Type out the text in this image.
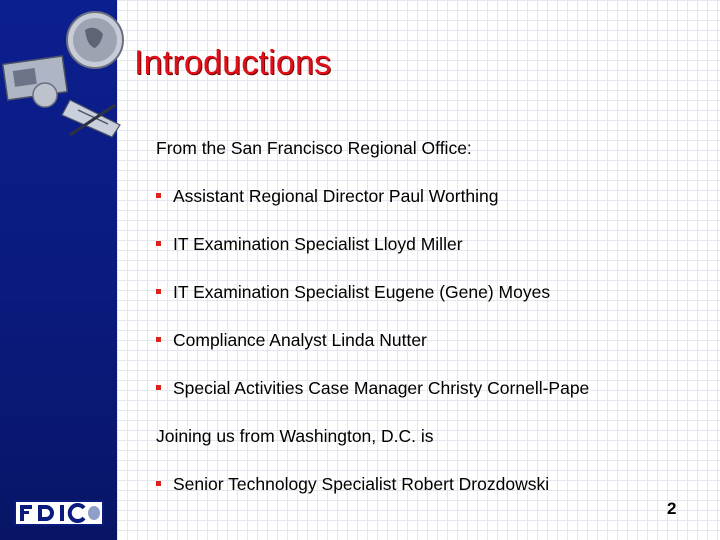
Introductions
From the San Francisco Regional Office:
Assistant Regional Director Paul Worthing
IT Examination Specialist Lloyd Miller
IT Examination Specialist Eugene (Gene) Moyes
Compliance Analyst Linda Nutter
Special Activities Case Manager Christy Cornell-Pape
Joining us from Washington, D.C. is
Senior Technology Specialist Robert Drozdowski
2
